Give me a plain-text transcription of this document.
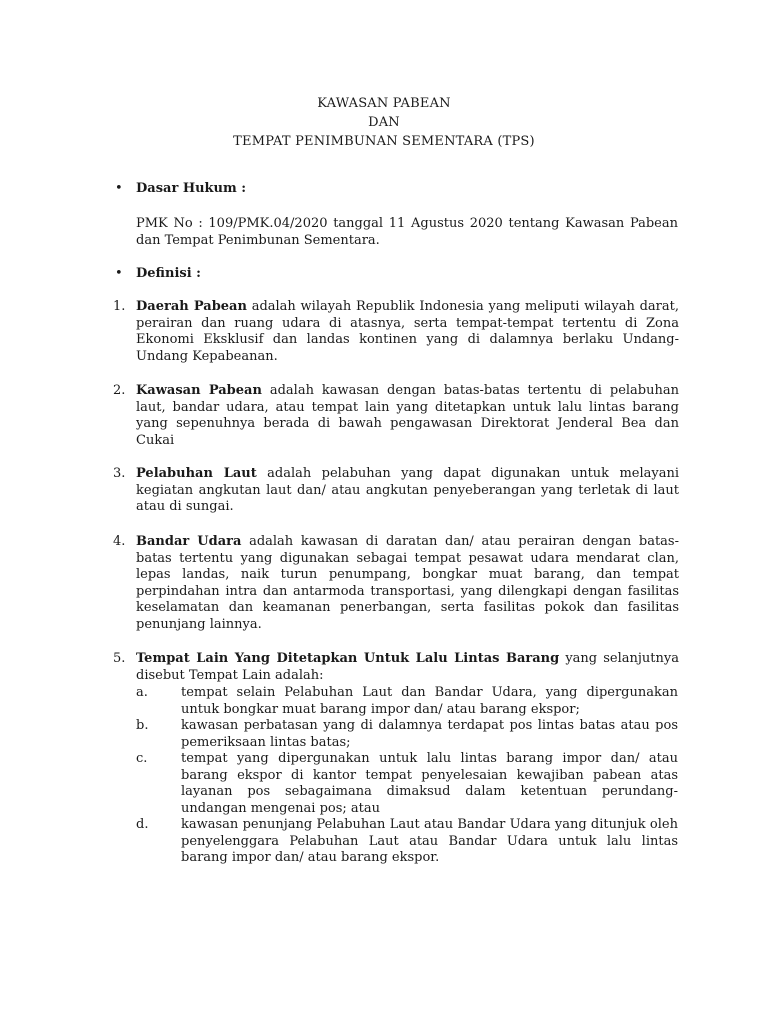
KAWASAN PABEAN
DAN
TEMPAT PENIMBUNAN SEMENTARA (TPS)
• Dasar Hukum :
PMK No : 109/PMK.04/2020 tanggal 11 Agustus 2020 tentang Kawasan Pabean dan Tempat Penimbunan Sementara.
• Definisi :
1. Daerah Pabean adalah wilayah Republik Indonesia yang meliputi wilayah darat, perairan dan ruang udara di atasnya, serta tempat-tempat tertentu di Zona Ekonomi Eksklusif dan landas kontinen yang di dalamnya berlaku Undang-Undang Kepabeanan.
2. Kawasan Pabean adalah kawasan dengan batas-batas tertentu di pelabuhan laut, bandar udara, atau tempat lain yang ditetapkan untuk lalu lintas barang yang sepenuhnya berada di bawah pengawasan Direktorat Jenderal Bea dan Cukai
3. Pelabuhan Laut adalah pelabuhan yang dapat digunakan untuk melayani kegiatan angkutan laut dan/ atau angkutan penyeberangan yang terletak di laut atau di sungai.
4. Bandar Udara adalah kawasan di daratan dan/ atau perairan dengan batas-batas tertentu yang digunakan sebagai tempat pesawat udara mendarat clan, lepas landas, naik turun penumpang, bongkar muat barang, dan tempat perpindahan intra dan antarmoda transportasi, yang dilengkapi dengan fasilitas keselamatan dan keamanan penerbangan, serta fasilitas pokok dan fasilitas penunjang lainnya.
5. Tempat Lain Yang Ditetapkan Untuk Lalu Lintas Barang yang selanjutnya disebut Tempat Lain adalah:
a.	tempat selain Pelabuhan Laut dan Bandar Udara, yang dipergunakan untuk bongkar muat barang impor dan/ atau barang ekspor;
b.	kawasan perbatasan yang di dalamnya terdapat pos lintas batas atau pos pemeriksaan lintas batas;
c.	tempat yang dipergunakan untuk lalu lintas barang impor dan/ atau barang ekspor di kantor tempat penyelesaian kewajiban pabean atas layanan pos sebagaimana dimaksud dalam ketentuan perundang-undangan mengenai pos; atau
d.	kawasan penunjang Pelabuhan Laut atau Bandar Udara yang ditunjuk oleh penyelenggara Pelabuhan Laut atau Bandar Udara untuk lalu lintas barang impor dan/ atau barang ekspor.
